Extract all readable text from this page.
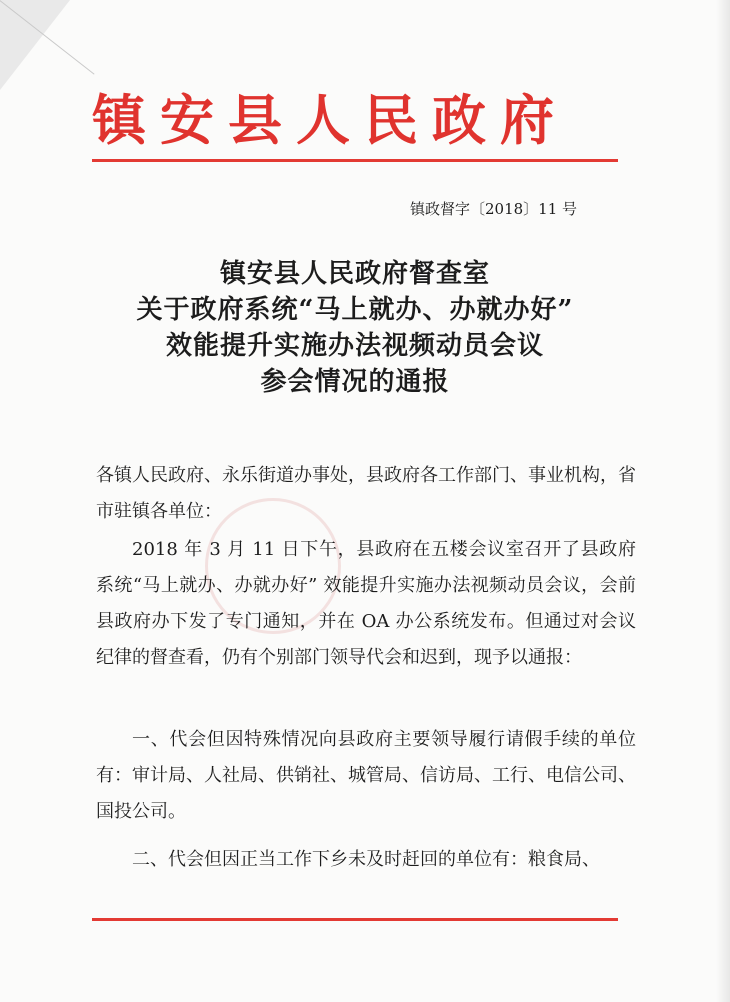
镇安县人民政府
镇政督字〔2018〕11 号
镇安县人民政府督查室
关于政府系统“马上就办、办就办好”
效能提升实施办法视频动员会议
参会情况的通报
各镇人民政府、永乐街道办事处，县政府各工作部门、事业机构，省市驻镇各单位：
2018 年 3 月 11 日下午，县政府在五楼会议室召开了县政府系统“马上就办、办就办好” 效能提升实施办法视频动员会议，会前县政府办下发了专门通知，并在 OA 办公系统发布。但通过对会议纪律的督查看，仍有个别部门领导代会和迟到，现予以通报：
一、代会但因特殊情况向县政府主要领导履行请假手续的单位有：审计局、人社局、供销社、城管局、信访局、工行、电信公司、国投公司。
二、代会但因正当工作下乡未及时赶回的单位有：粮食局、
